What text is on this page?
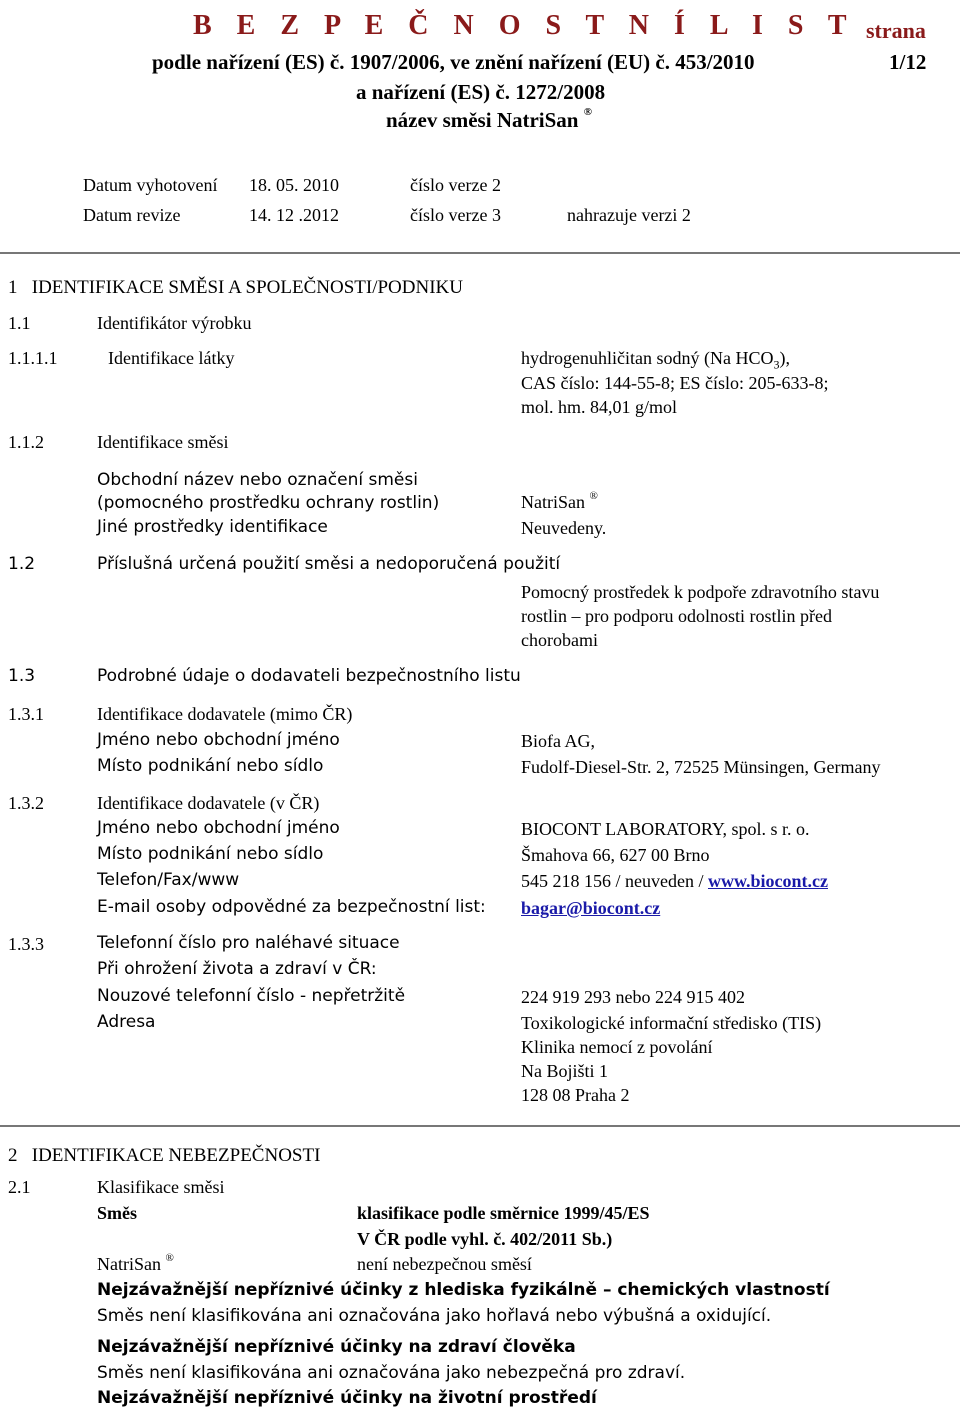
B E Z P E Č N O S T N Í L I S T strana
podle nařízení (ES) č. 1907/2006, ve znění nařízení (EU) č. 453/2010	1/12
a nařízení (ES) č. 1272/2008
název směsi NatriSan ®
Datum vyhotovení 18. 05. 2010	číslo verze 2
Datum revize	14. 12 .2012	číslo verze 3	nahrazuje verzi 2
1   IDENTIFIKACE SMĚSI A SPOLEČNOSTI/PODNIKU
1.1	Identifikátor výrobku
1.1.1.1	Identifikace látky	hydrogenuhličitan sodný (Na $HCO_3$),
CAS číslo: 144-55-8; ES číslo: 205-633-8;
mol. hm. 84,01 g/mol
1.1.2	Identifikace směsi
Obchodní název nebo označení směsi
(pomocného prostředku ochrany rostlin)	NatriSan ®
Jiné prostředky identifikace	Neuvedeny.
1.2	Příslušná určená použití směsi a nedoporučená použití
Pomocný prostředek k podpoře zdravotního stavu
rostlin – pro podporu odolnosti rostlin před
chorobami
1.3	Podrobné údaje o dodavateli bezpečnostního listu
1.3.1	Identifikace dodavatele (mimo ČR)
Jméno nebo obchodní jméno	Biofa AG,
Místo podnikání nebo sídlo	Fudolf-Diesel-Str. 2, 72525 Münsingen, Germany
1.3.2	Identifikace dodavatele (v ČR)
Jméno nebo obchodní jméno	BIOCONT LABORATORY, spol. s r. o.
Místo podnikání nebo sídlo	Šmahova 66, 627 00 Brno
Telefon/Fax/www	545 218 156 / neuveden / www.biocont.cz
E-mail osoby odpovědné za bezpečnostní list: bagar@biocont.cz
1.3.3	Telefonní číslo pro naléhavé situace
Při ohrožení života a zdraví v ČR:
Nouzové telefonní číslo - nepřetržitě	224 919 293 nebo 224 915 402
Adresa	Toxikologické informační středisko (TIS)
Klinika nemocí z povolání
Na Bojišti 1
128 08 Praha 2
2   IDENTIFIKACE NEBEZPEČNOSTI
2.1	Klasifikace směsi
Směs	klasifikace podle směrnice 1999/45/ES
V ČR podle vyhl. č. 402/2011 Sb.)
NatriSan ®	není nebezpečnou směsí
Nejzávažnější nepříznivé účinky z hlediska fyzikálně – chemických vlastností
Směs není klasifikována ani označována jako hořlavá nebo výbušná a oxidující.
Nejzávažnější nepříznivé účinky na zdraví člověka
Směs není klasifikována ani označována jako nebezpečná pro zdraví.
Nejzávažnější nepříznivé účinky na životní prostředí
